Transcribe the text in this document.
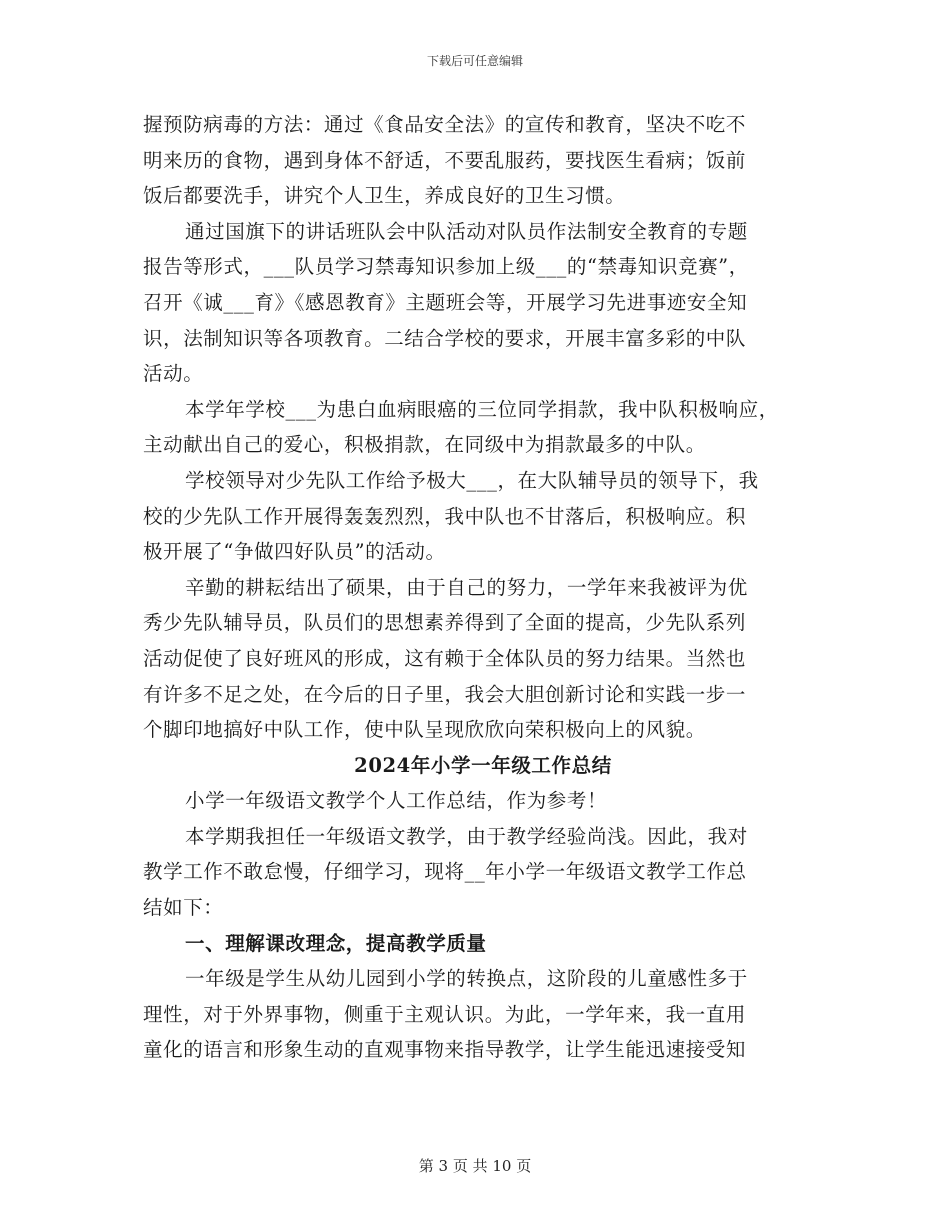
下载后可任意编辑
握预防病毒的方法：通过《食品安全法》的宣传和教育，坚决不吃不
明来历的食物，遇到身体不舒适，不要乱服药，要找医生看病；饭前
饭后都要洗手，讲究个人卫生，养成良好的卫生习惯。
通过国旗下的讲话班队会中队活动对队员作法制安全教育的专题
报告等形式，___队员学习禁毒知识参加上级___的“禁毒知识竞赛”，
召开《诚___育》《感恩教育》主题班会等，开展学习先进事迹安全知
识，法制知识等各项教育。二结合学校的要求，开展丰富多彩的中队
活动。
本学年学校___为患白血病眼癌的三位同学捐款，我中队积极响应，
主动献出自己的爱心，积极捐款，在同级中为捐款最多的中队。
学校领导对少先队工作给予极大___，在大队辅导员的领导下，我
校的少先队工作开展得轰轰烈烈，我中队也不甘落后，积极响应。积
极开展了“争做四好队员”的活动。
辛勤的耕耘结出了硕果，由于自己的努力，一学年来我被评为优
秀少先队辅导员，队员们的思想素养得到了全面的提高，少先队系列
活动促使了良好班风的形成，这有赖于全体队员的努力结果。当然也
有许多不足之处，在今后的日子里，我会大胆创新讨论和实践一步一
个脚印地搞好中队工作，使中队呈现欣欣向荣积极向上的风貌。
2024年小学一年级工作总结
小学一年级语文教学个人工作总结，作为参考！
本学期我担任一年级语文教学，由于教学经验尚浅。因此，我对
教学工作不敢怠慢，仔细学习，现将__年小学一年级语文教学工作总
结如下：
一、理解课改理念，提高教学质量
一年级是学生从幼儿园到小学的转换点，这阶段的儿童感性多于
理性，对于外界事物，侧重于主观认识。为此，一学年来，我一直用
童化的语言和形象生动的直观事物来指导教学，让学生能迅速接受知
第 3 页 共 10 页
